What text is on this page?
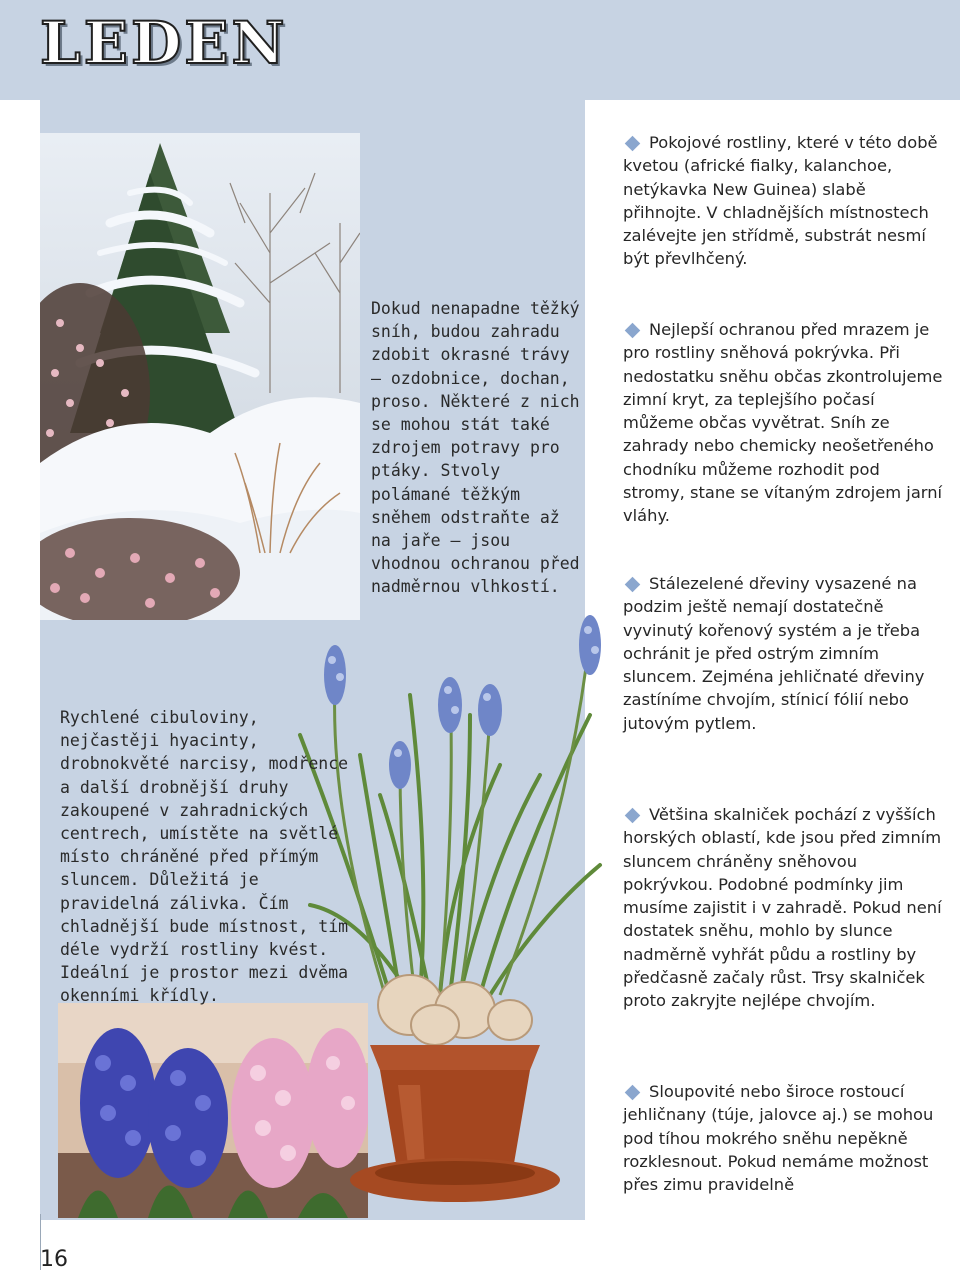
LEDEN

Dokud nenapadne těžký sníh, budou zahradu zdobit okrasné trávy – ozdobnice, dochan, proso. Některé z nich se mohou stát také zdrojem potravy pro ptáky. Stvoly polámané těžkým sněhem odstraňte až na jaře – jsou vhodnou ochranou před nadměrnou vlhkostí.

Rychlené cibuloviny, nejčastěji hyacinty, drobnokvěté narcisy, modřence a další drobnější druhy zakoupené v zahradnických centrech, umístěte na světlé místo chráněné před přímým sluncem. Důležitá je pravidelná zálivka. Čím chladnější bude místnost, tím déle vydrží rostliny kvést. Ideální je prostor mezi dvěma okenními křídly.

Pokojové rostliny, které v této době kvetou (africké fialky, kalanchoe, netýkavka New Guinea) slabě přihnojte. V chladnějších místnostech zalévejte jen střídmě, substrát nesmí být převlhčený.

Nejlepší ochranou před mrazem je pro rostliny sněhová pokrývka. Při nedostatku sněhu občas zkontrolujeme zimní kryt, za teplejšího počasí můžeme občas vyvětrat. Sníh ze zahrady nebo chemicky neošetřeného chodníku můžeme rozhodit pod stromy, stane se vítaným zdrojem jarní vláhy.

Stálezelené dřeviny vysazené na podzim ještě nemají dostatečně vyvinutý kořenový systém a je třeba ochránit je před ostrým zimním sluncem. Zejména jehličnaté dřeviny zastíníme chvojím, stínicí fólií nebo jutovým pytlem.

Většina skalniček pochází z vyšších horských oblastí, kde jsou před zimním sluncem chráněny sněhovou pokrývkou. Podobné podmínky jim musíme zajistit i v zahradě. Pokud není dostatek sněhu, mohlo by slunce nadměrně vyhřát půdu a rostliny by předčasně začaly růst. Trsy skalniček proto zakryjte nejlépe chvojím.

Sloupovité nebo široce rostoucí jehličnany (túje, jalovce aj.) se mohou pod tíhou mokrého sněhu nepěkně rozklesnout. Pokud nemáme možnost přes zimu pravidelně

16
